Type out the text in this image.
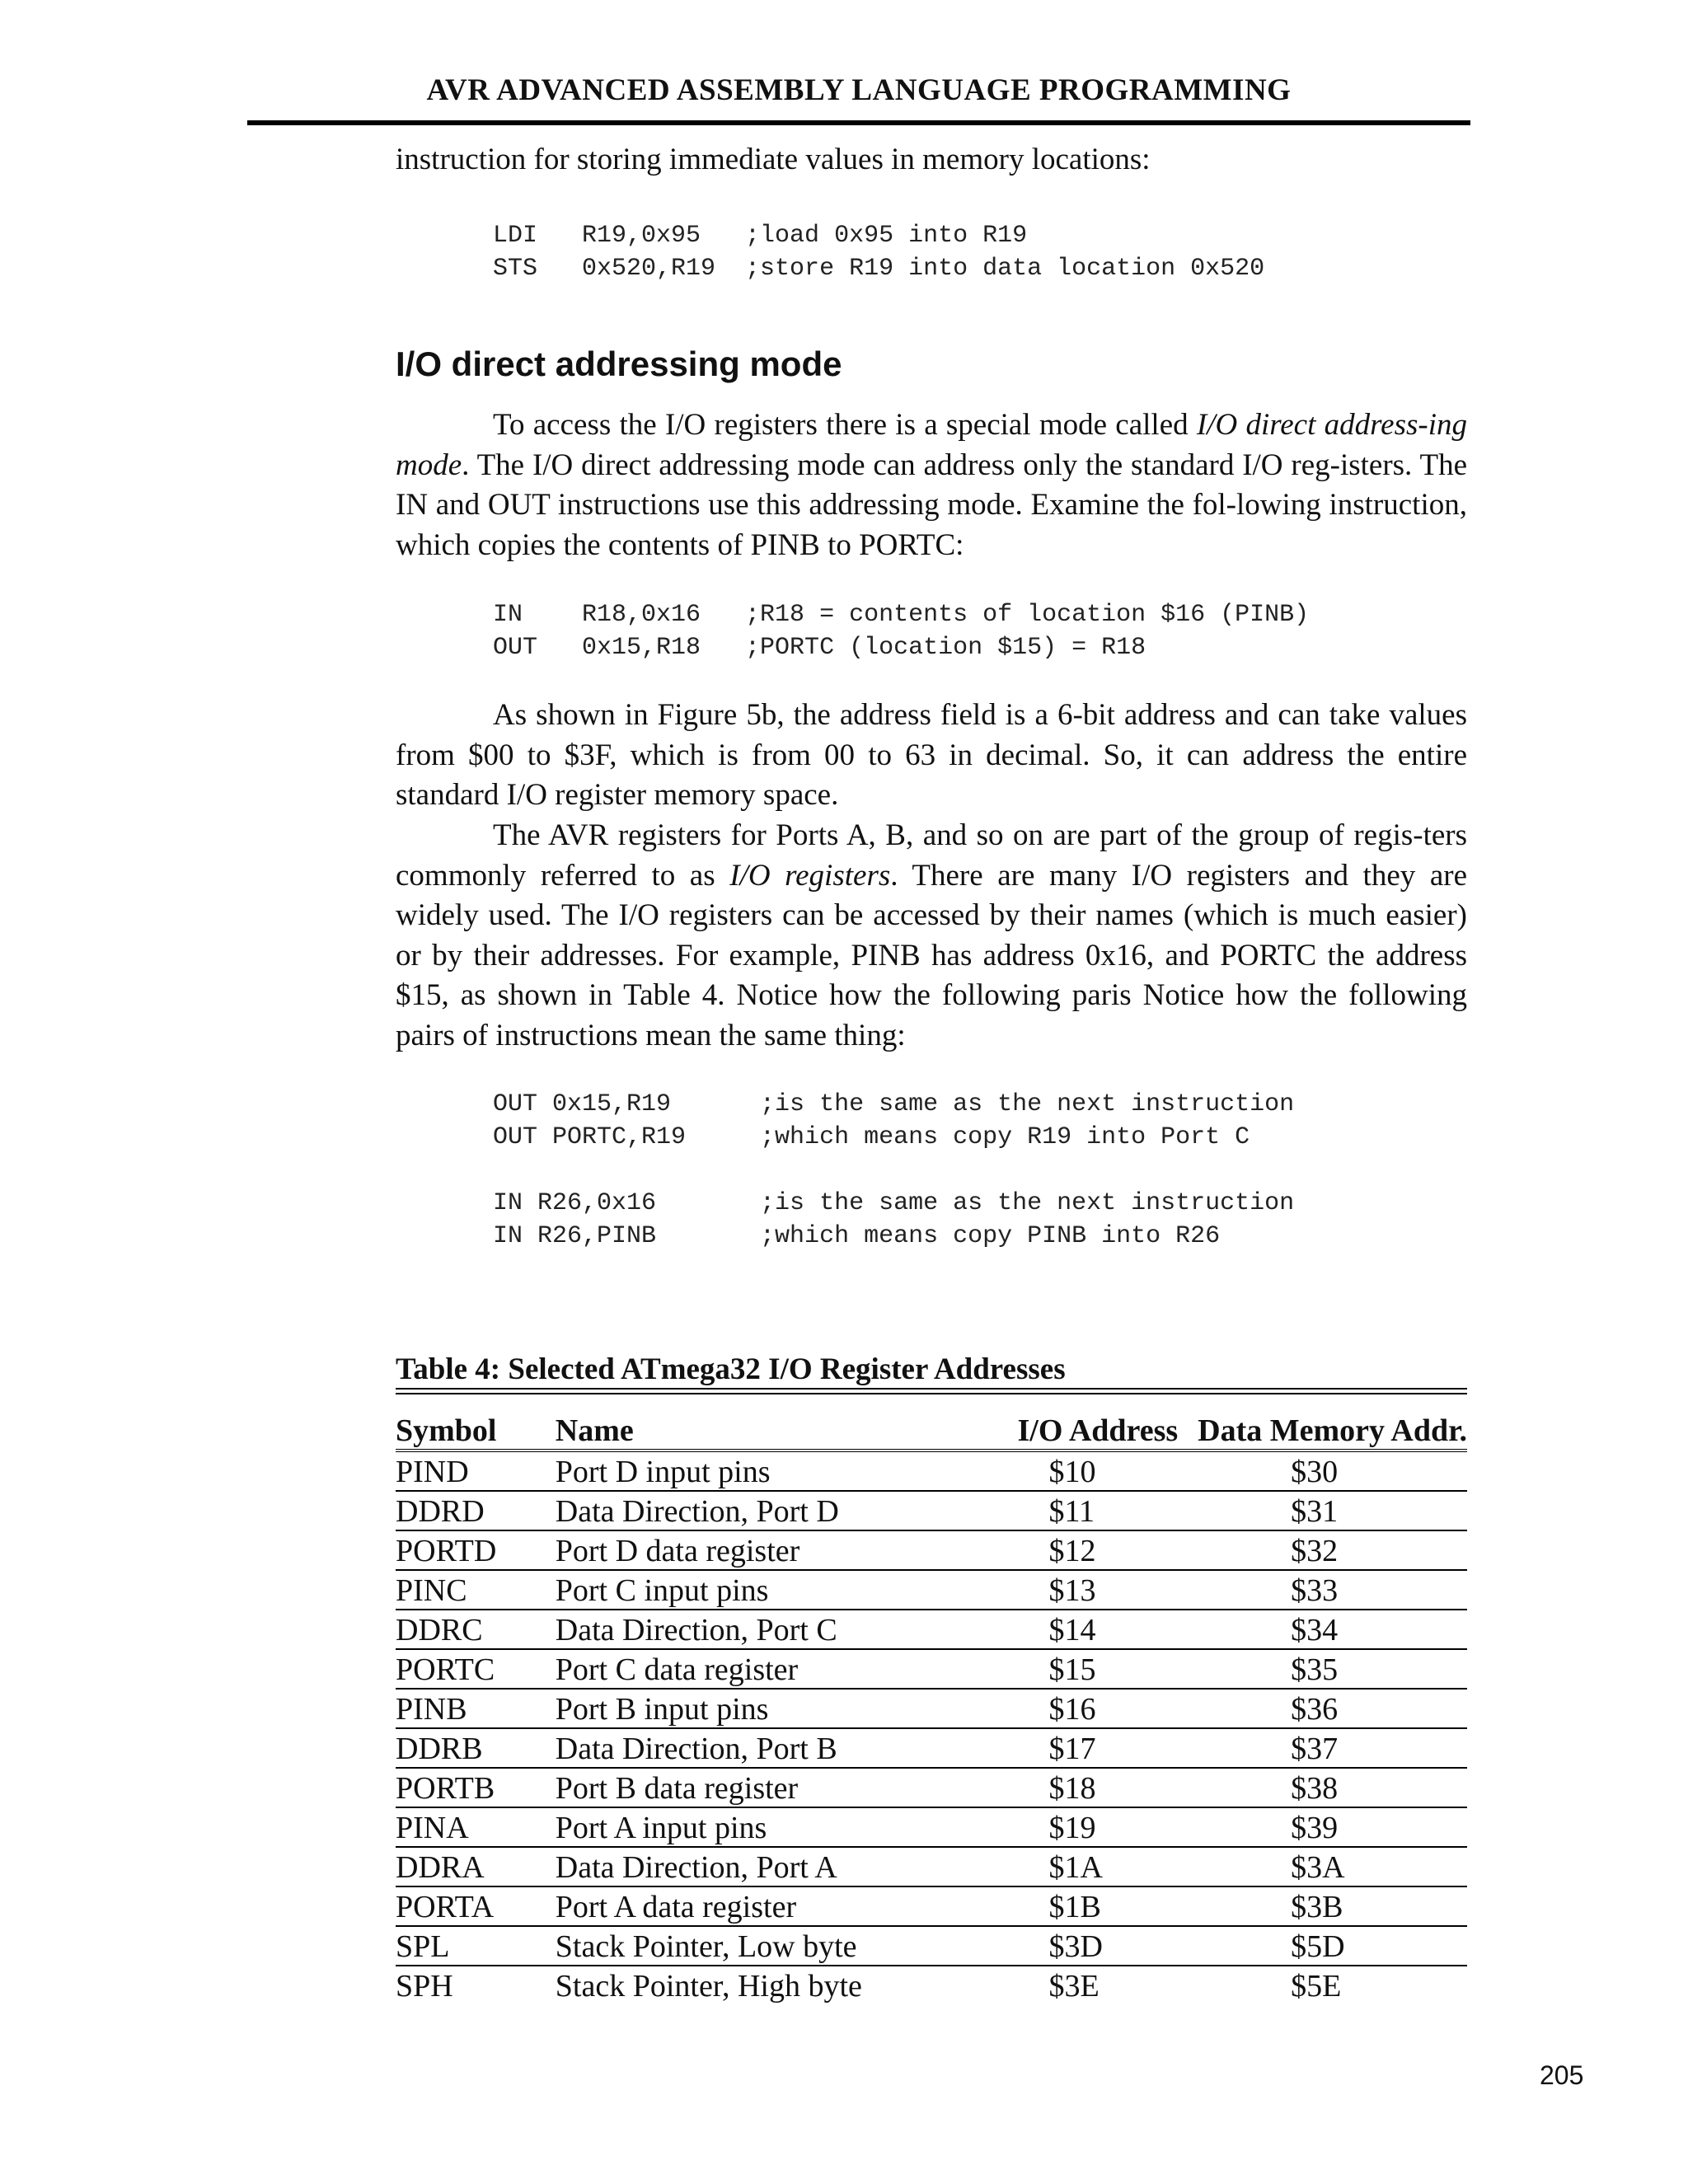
AVR ADVANCED ASSEMBLY LANGUAGE PROGRAMMING
instruction for storing immediate values in memory locations:
LDI   R19,0x95   ;load 0x95 into R19
STS   0x520,R19  ;store R19 into data location 0x520
I/O direct addressing mode
To access the I/O registers there is a special mode called I/O direct address-ing mode. The I/O direct addressing mode can address only the standard I/O reg-isters. The IN and OUT instructions use this addressing mode. Examine the fol-lowing instruction, which copies the contents of PINB to PORTC:
IN    R18,0x16   ;R18 = contents of location $16 (PINB)
OUT   0x15,R18   ;PORTC (location $15) = R18
As shown in Figure 5b, the address field is a 6-bit address and can take values from $00 to $3F, which is from 00 to 63 in decimal. So, it can address the entire standard I/O register memory space.
The AVR registers for Ports A, B, and so on are part of the group of regis-ters commonly referred to as I/O registers. There are many I/O registers and they are widely used. The I/O registers can be accessed by their names (which is much easier) or by their addresses. For example, PINB has address 0x16, and PORTC the address $15, as shown in Table 4. Notice how the following paris Notice how the following pairs of instructions mean the same thing:
OUT 0x15,R19      ;is the same as the next instruction
OUT PORTC,R19     ;which means copy R19 into Port C

IN R26,0x16       ;is the same as the next instruction
IN R26,PINB       ;which means copy PINB into R26
Table 4: Selected ATmega32 I/O Register Addresses
Symbol	Name	I/O Address	Data Memory Addr.
PIND	Port D input pins	$10	$30
DDRD	Data Direction, Port D	$11	$31
PORTD	Port D data register	$12	$32
PINC	Port C input pins	$13	$33
DDRC	Data Direction, Port C	$14	$34
PORTC	Port C data register	$15	$35
PINB	Port B input pins	$16	$36
DDRB	Data Direction, Port B	$17	$37
PORTB	Port B data register	$18	$38
PINA	Port A input pins	$19	$39
DDRA	Data Direction, Port A	$1A	$3A
PORTA	Port A data register	$1B	$3B
SPL	Stack Pointer, Low byte	$3D	$5D
SPH	Stack Pointer, High byte	$3E	$5E
205
